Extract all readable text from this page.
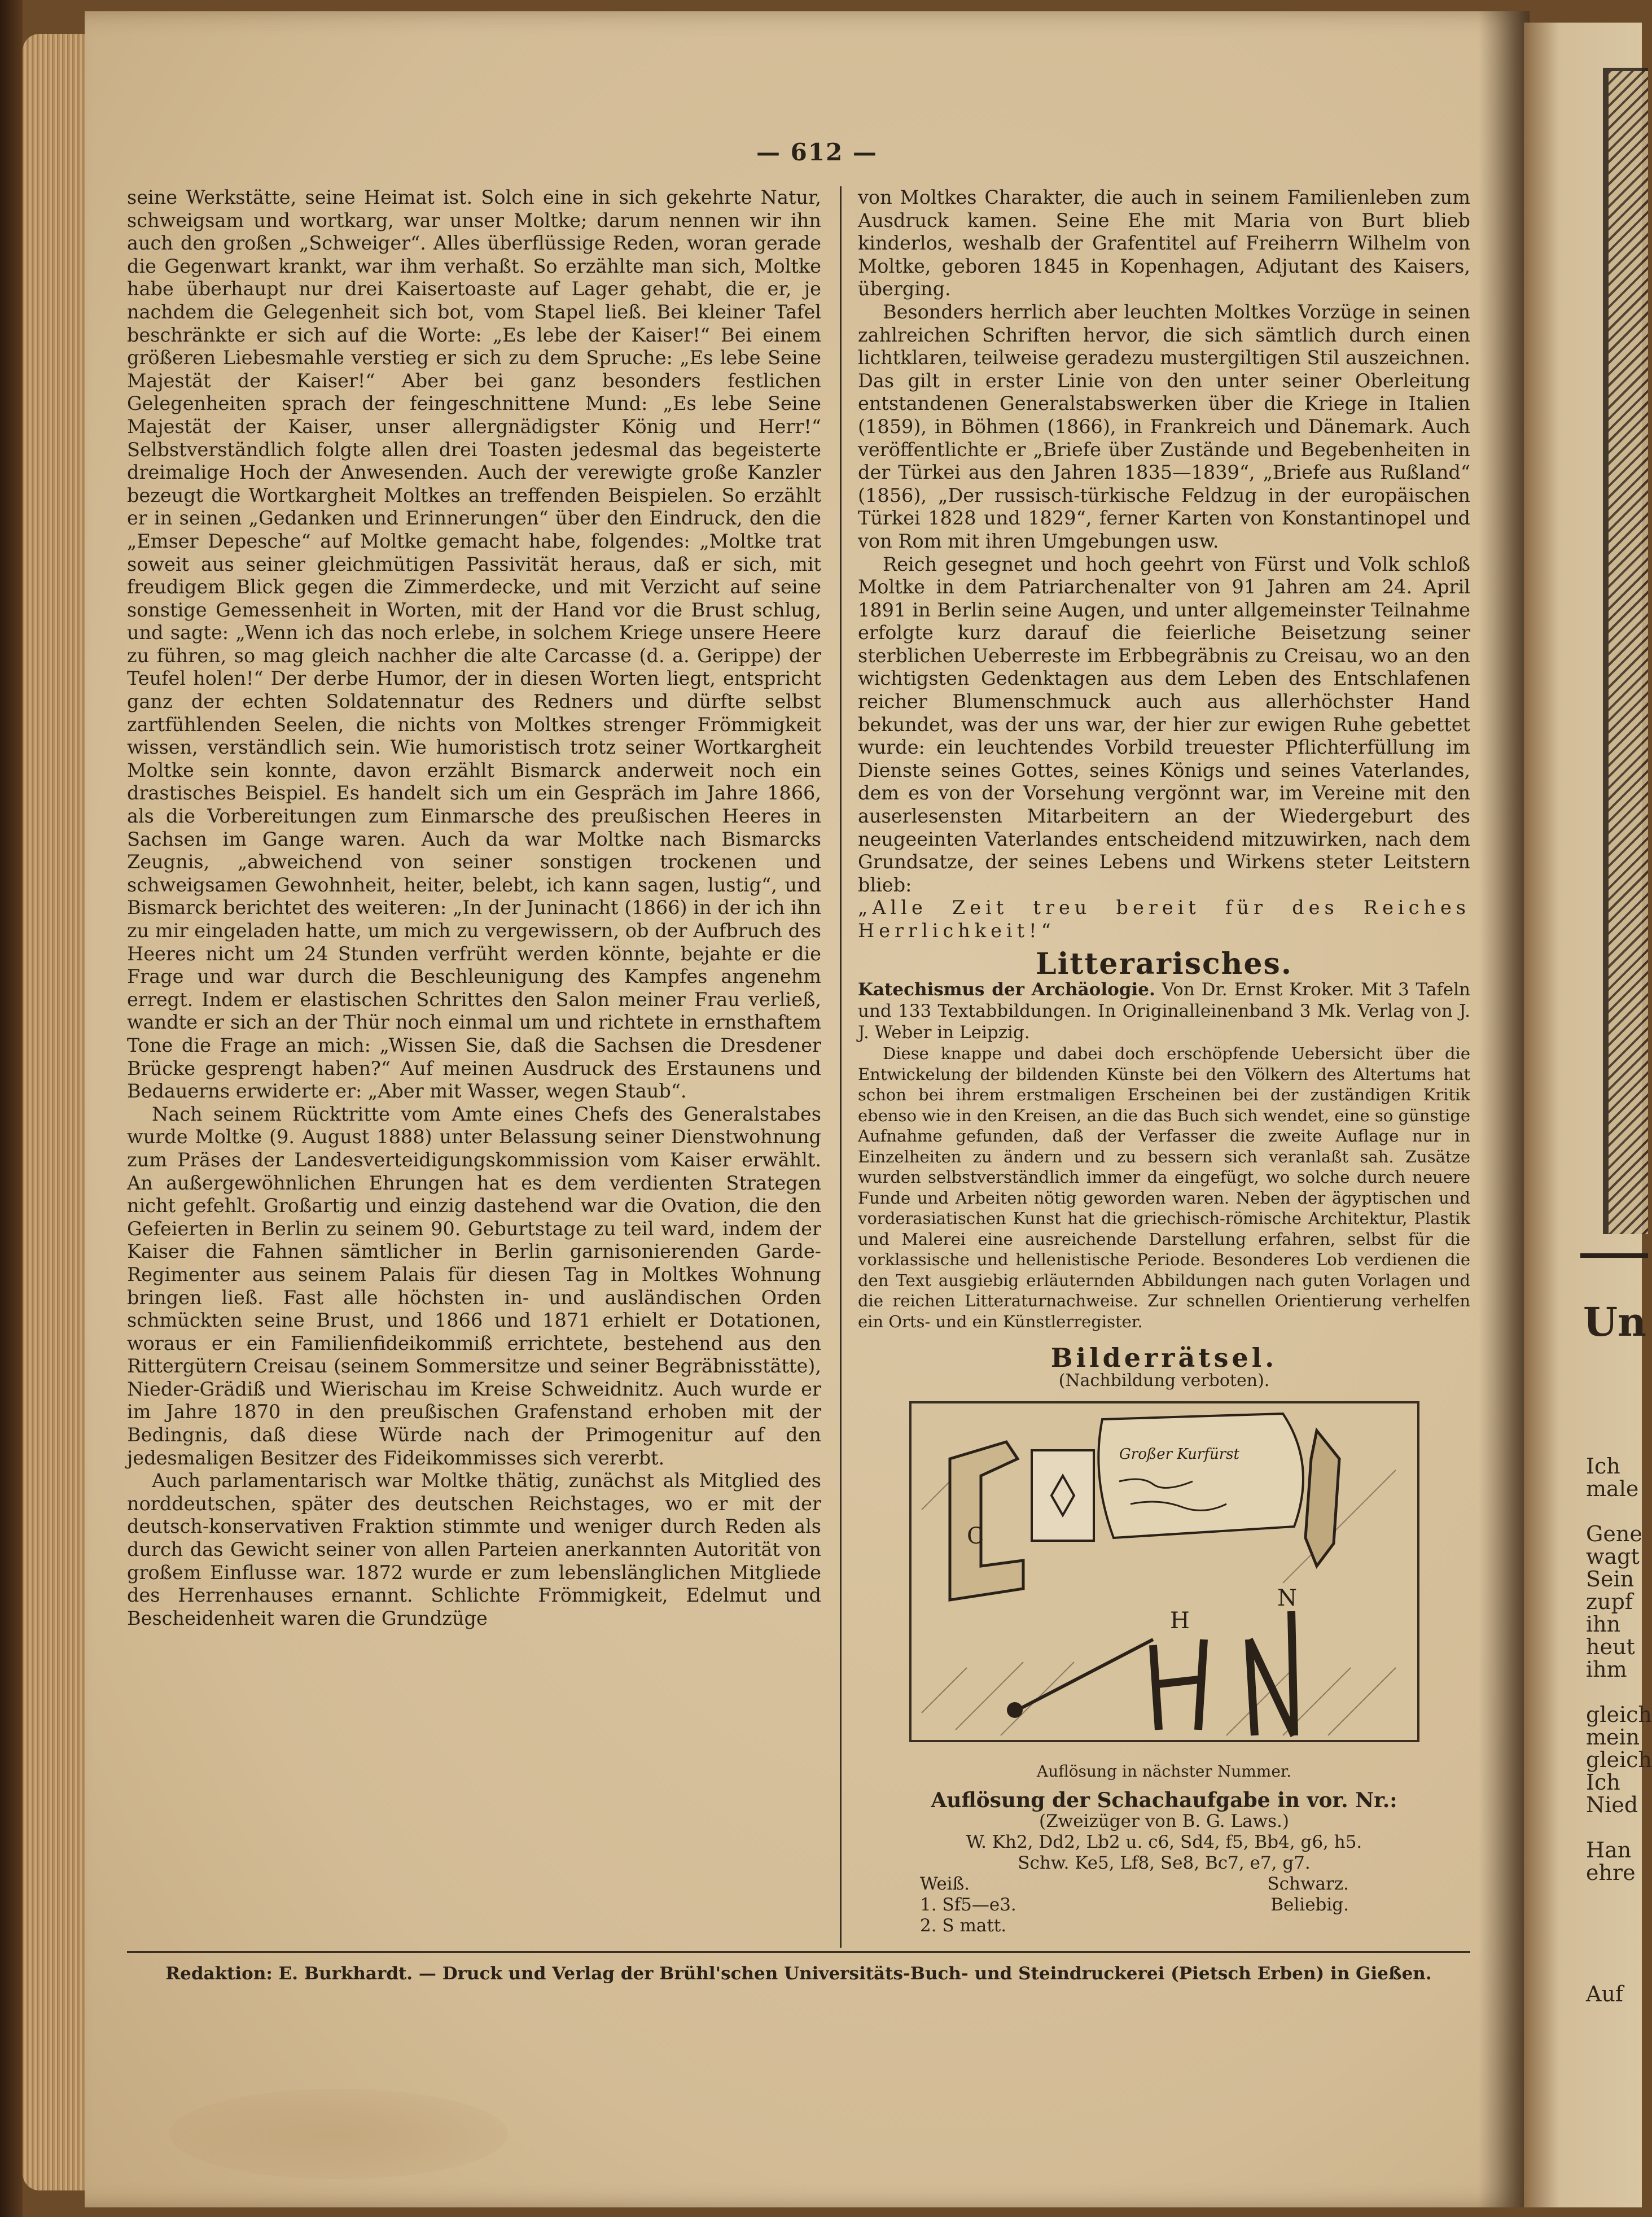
— 612 —

seine Werkstätte, seine Heimat ist. Solch eine in sich gekehrte Natur, schweigsam und wortkarg, war unser Moltke; darum nennen wir ihn auch den großen „Schweiger“. Alles überflüssige Reden, woran gerade die Gegenwart krankt, war ihm verhaßt. So erzählte man sich, Moltke habe überhaupt nur drei Kaisertoaste auf Lager gehabt, die er, je nachdem die Gelegenheit sich bot, vom Stapel ließ. Bei kleiner Tafel beschränkte er sich auf die Worte: „Es lebe der Kaiser!“ Bei einem größeren Liebesmahle verstieg er sich zu dem Spruche: „Es lebe Seine Majestät der Kaiser!“ Aber bei ganz besonders festlichen Gelegenheiten sprach der feingeschnittene Mund: „Es lebe Seine Majestät der Kaiser, unser allergnädigster König und Herr!“ Selbstverständlich folgte allen drei Toasten jedesmal das begeisterte dreimalige Hoch der Anwesenden. Auch der verewigte große Kanzler bezeugt die Wortkargheit Moltkes an treffenden Beispielen. So erzählt er in seinen „Gedanken und Erinnerungen“ über den Eindruck, den die „Emser Depesche“ auf Moltke gemacht habe, folgendes: „Moltke trat soweit aus seiner gleichmütigen Passivität heraus, daß er sich, mit freudigem Blick gegen die Zimmerdecke, und mit Verzicht auf seine sonstige Gemessenheit in Worten, mit der Hand vor die Brust schlug, und sagte: „Wenn ich das noch erlebe, in solchem Kriege unsere Heere zu führen, so mag gleich nachher die alte Carcasse (d. a. Gerippe) der Teufel holen!“ Der derbe Humor, der in diesen Worten liegt, entspricht ganz der echten Soldatennatur des Redners und dürfte selbst zartfühlenden Seelen, die nichts von Moltkes strenger Frömmigkeit wissen, verständlich sein. Wie humoristisch trotz seiner Wortkargheit Moltke sein konnte, davon erzählt Bismarck anderweit noch ein drastisches Beispiel. Es handelt sich um ein Gespräch im Jahre 1866, als die Vorbereitungen zum Einmarsche des preußischen Heeres in Sachsen im Gange waren. Auch da war Moltke nach Bismarcks Zeugnis, „abweichend von seiner sonstigen trockenen und schweigsamen Gewohnheit, heiter, belebt, ich kann sagen, lustig“, und Bismarck berichtet des weiteren: „In der Juninacht (1866) in der ich ihn zu mir eingeladen hatte, um mich zu vergewissern, ob der Aufbruch des Heeres nicht um 24 Stunden verfrüht werden könnte, bejahte er die Frage und war durch die Beschleunigung des Kampfes angenehm erregt. Indem er elastischen Schrittes den Salon meiner Frau verließ, wandte er sich an der Thür noch einmal um und richtete in ernsthaftem Tone die Frage an mich: „Wissen Sie, daß die Sachsen die Dresdener Brücke gesprengt haben?“ Auf meinen Ausdruck des Erstaunens und Bedauerns erwiderte er: „Aber mit Wasser, wegen Staub“.

Nach seinem Rücktritte vom Amte eines Chefs des Generalstabes wurde Moltke (9. August 1888) unter Belassung seiner Dienstwohnung zum Präses der Landesverteidigungskommission vom Kaiser erwählt. An außergewöhnlichen Ehrungen hat es dem verdienten Strategen nicht gefehlt. Großartig und einzig dastehend war die Ovation, die den Gefeierten in Berlin zu seinem 90. Geburtstage zu teil ward, indem der Kaiser die Fahnen sämtlicher in Berlin garnisonierenden Garde-Regimenter aus seinem Palais für diesen Tag in Moltkes Wohnung bringen ließ. Fast alle höchsten in- und ausländischen Orden schmückten seine Brust, und 1866 und 1871 erhielt er Dotationen, woraus er ein Familienfideikommiß errichtete, bestehend aus den Rittergütern Creisau (seinem Sommersitze und seiner Begräbnisstätte), Nieder-Grädiß und Wierischau im Kreise Schweidnitz. Auch wurde er im Jahre 1870 in den preußischen Grafenstand erhoben mit der Bedingnis, daß diese Würde nach der Primogenitur auf den jedesmaligen Besitzer des Fideikommisses sich vererbt.

Auch parlamentarisch war Moltke thätig, zunächst als Mitglied des norddeutschen, später des deutschen Reichstages, wo er mit der deutsch-konservativen Fraktion stimmte und weniger durch Reden als durch das Gewicht seiner von allen Parteien anerkannten Autorität von großem Einflusse war. 1872 wurde er zum lebenslänglichen Mitgliede des Herrenhauses ernannt. Schlichte Frömmigkeit, Edelmut und Bescheidenheit waren die Grundzüge

von Moltkes Charakter, die auch in seinem Familienleben zum Ausdruck kamen. Seine Ehe mit Maria von Burt blieb kinderlos, weshalb der Grafentitel auf Freiherrn Wilhelm von Moltke, geboren 1845 in Kopenhagen, Adjutant des Kaisers, überging.

Besonders herrlich aber leuchten Moltkes Vorzüge in seinen zahlreichen Schriften hervor, die sich sämtlich durch einen lichtklaren, teilweise geradezu mustergiltigen Stil auszeichnen. Das gilt in erster Linie von den unter seiner Oberleitung entstandenen Generalstabswerken über die Kriege in Italien (1859), in Böhmen (1866), in Frankreich und Dänemark. Auch veröffentlichte er „Briefe über Zustände und Begebenheiten in der Türkei aus den Jahren 1835—1839“, „Briefe aus Rußland“ (1856), „Der russisch-türkische Feldzug in der europäischen Türkei 1828 und 1829“, ferner Karten von Konstantinopel und von Rom mit ihren Umgebungen usw.

Reich gesegnet und hoch geehrt von Fürst und Volk schloß Moltke in dem Patriarchenalter von 91 Jahren am 24. April 1891 in Berlin seine Augen, und unter allgemeinster Teilnahme erfolgte kurz darauf die feierliche Beisetzung seiner sterblichen Ueberreste im Erbbegräbnis zu Creisau, wo an den wichtigsten Gedenktagen aus dem Leben des Entschlafenen reicher Blumenschmuck auch aus allerhöchster Hand bekundet, was der uns war, der hier zur ewigen Ruhe gebettet wurde: ein leuchtendes Vorbild treuester Pflichterfüllung im Dienste seines Gottes, seines Königs und seines Vaterlandes, dem es von der Vorsehung vergönnt war, im Vereine mit den auserlesensten Mitarbeitern an der Wiedergeburt des neugeeinten Vaterlandes entscheidend mitzuwirken, nach dem Grundsatze, der seines Lebens und Wirkens steter Leitstern blieb:

„Alle Zeit treu bereit für des Reiches Herrlichkeit!“

Litterarisches.
Katechismus der Archäologie. Von Dr. Ernst Kroker. Mit 3 Tafeln und 133 Textabbildungen. In Originalleinenband 3 Mk. Verlag von J. J. Weber in Leipzig.

Diese knappe und dabei doch erschöpfende Uebersicht über die Entwickelung der bildenden Künste bei den Völkern des Altertums hat schon bei ihrem erstmaligen Erscheinen bei der zuständigen Kritik ebenso wie in den Kreisen, an die das Buch sich wendet, eine so günstige Aufnahme gefunden, daß der Verfasser die zweite Auflage nur in Einzelheiten zu ändern und zu bessern sich veranlaßt sah. Zusätze wurden selbstverständlich immer da eingefügt, wo solche durch neuere Funde und Arbeiten nötig geworden waren. Neben der ägyptischen und vorderasiatischen Kunst hat die griechisch-römische Architektur, Plastik und Malerei eine ausreichende Darstellung erfahren, selbst für die vorklassische und hellenistische Periode. Besonderes Lob verdienen die den Text ausgiebig erläuternden Abbildungen nach guten Vorlagen und die reichen Litteraturnachweise. Zur schnellen Orientierung verhelfen ein Orts- und ein Künstlerregister.

Bilderrätsel.
(Nachbildung verboten).
C
Großer Kurfürst
H
N
Auflösung in nächster Nummer.
Auflösung der Schachaufgabe in vor. Nr.:
(Zweizüger von B. G. Laws.)
W. Kh2, Dd2, Lb2 u. c6, Sd4, f5, Bb4, g6, h5.
Schw. Ke5, Lf8, Se8, Bc7, e7, g7.
Weiß.	Schwarz.
1. Sf5—e3.	Beliebig.
2. S matt.
Redaktion: E. Burkhardt. — Druck und Verlag der Brühl'schen Universitäts-Buch- und Steindruckerei (Pietsch Erben) in Gießen.
Un
Ich
male
Gene
wagt
Sein
zupf
ihn
heut
ihm
gleich
mein
gleich
Ich
Nied
Han
ehre
Auf
